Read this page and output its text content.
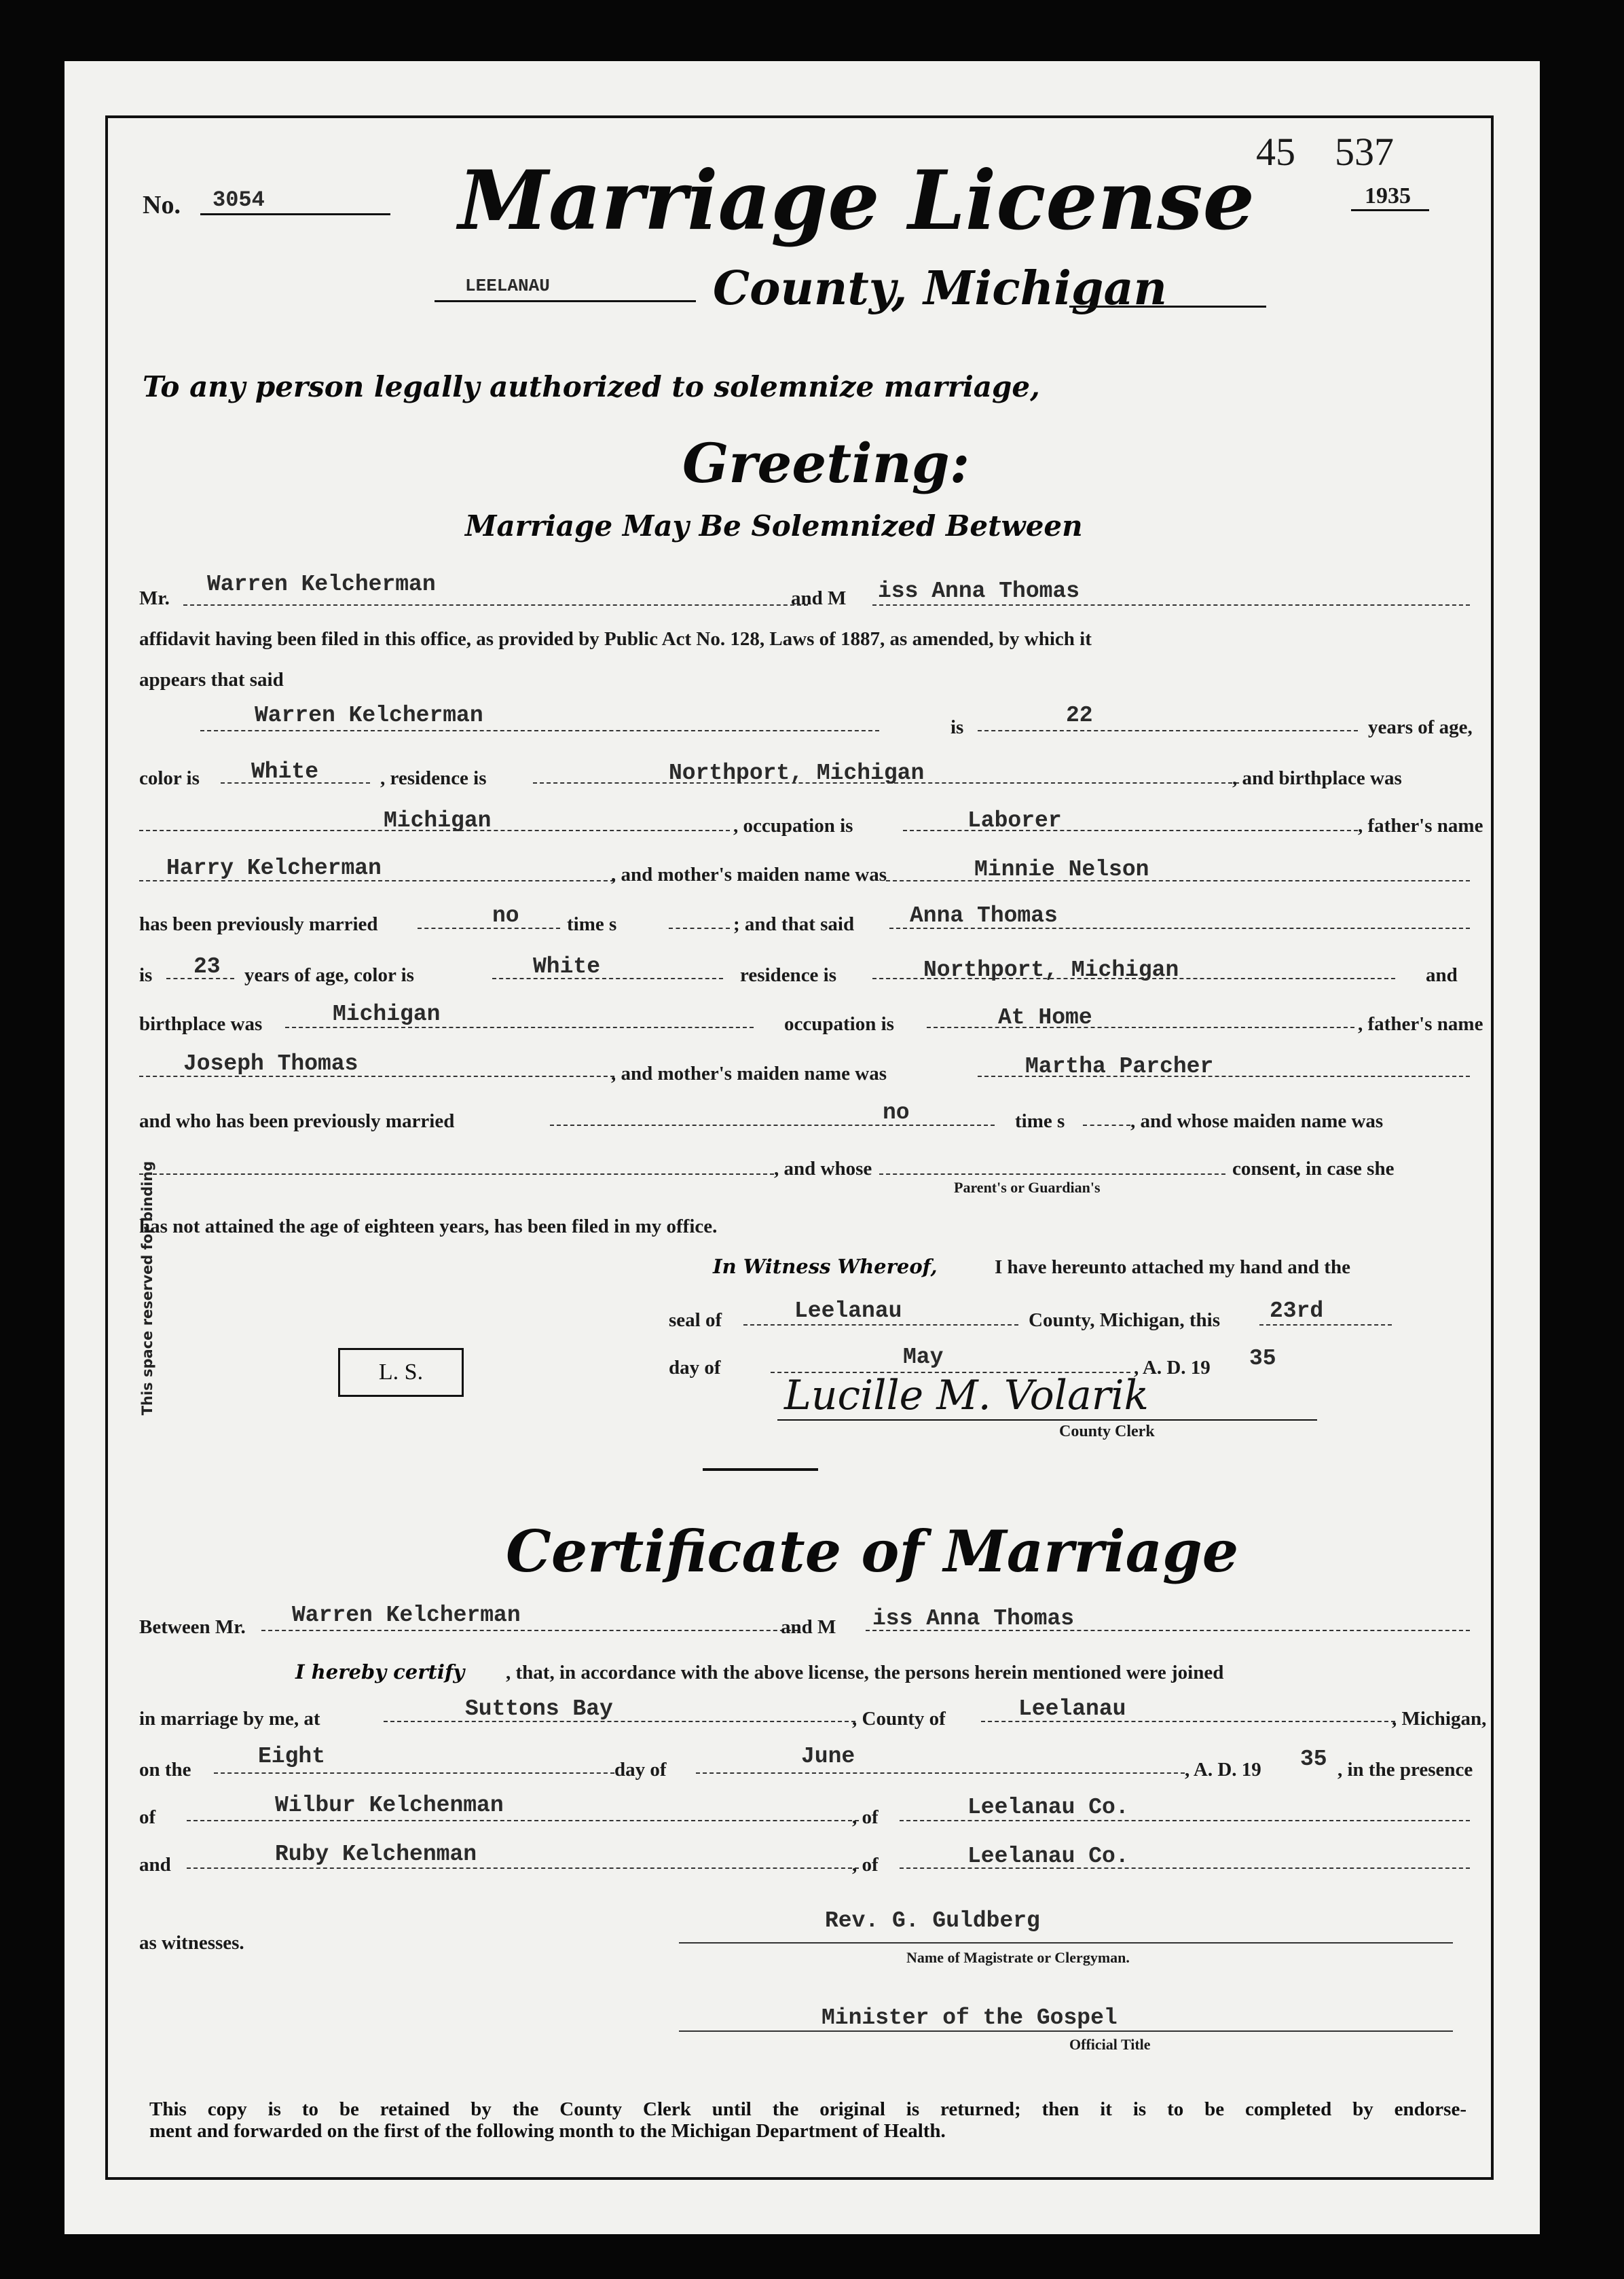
This space reserved for binding
No. 3054 Marriage License
45    537
1935
LEELANAU	County, Michigan
To any person legally authorized to solemnize marriage,
Greeting:
Marriage May Be Solemnized Between
Mr.
Warren Kelcherman
and M iss Anna Thomas
affidavit having been filed in this office, as provided by Public Act No. 128, Laws of 1887, as amended, by which it
appears that said
Warren Kelcherman	is	22	years of age,
color is White	, residence is	Northport, Michigan	, and birthplace was
Michigan	, occupation is	Laborer	, father's name
Harry Kelcherman	, and mother's maiden name was	Minnie Nelson
has been previously married	no time s	; and that said Anna Thomas
is 23 years of age, color is	White	residence is	Northport, Michigan	and
birthplace was	Michigan	occupation is	At Home	, father's name
Joseph Thomas	, and mother's maiden name was	Martha Parcher
and who has been previously married	no	time s	, and whose maiden name was
, and whose	consent, in case she
Parent's or Guardian's
has not attained the age of eighteen years, has been filed in my office.
In Witness Whereof,	I have hereunto attached my hand and the
seal of	Leelanau	County, Michigan, this 23rd
L. S.	day of	May	, A. D. 19 35
Lucille M. Volarik
County Clerk
Certificate of Marriage
Between Mr. Warren Kelcherman	and M iss Anna Thomas
I hereby certify , that, in accordance with the above license, the persons herein mentioned were joined
in marriage by me, at	Suttons Bay	, County of	Leelanau	, Michigan,
on the
Eight
day of
June
, A. D. 19 35 , in the presence
of	Wilbur Kelchenman	, of	Leelanau Co.
and	Ruby Kelchenman	, of	Leelanau Co.
as witnesses.
Rev. G. Guldberg
Name of Magistrate or Clergyman.
Minister of the Gospel
Official Title
This copy is to be retained by the County Clerk until the original is returned; then it is to be completed by endorse-
ment and forwarded on the first of the following month to the Michigan Department of Health.
